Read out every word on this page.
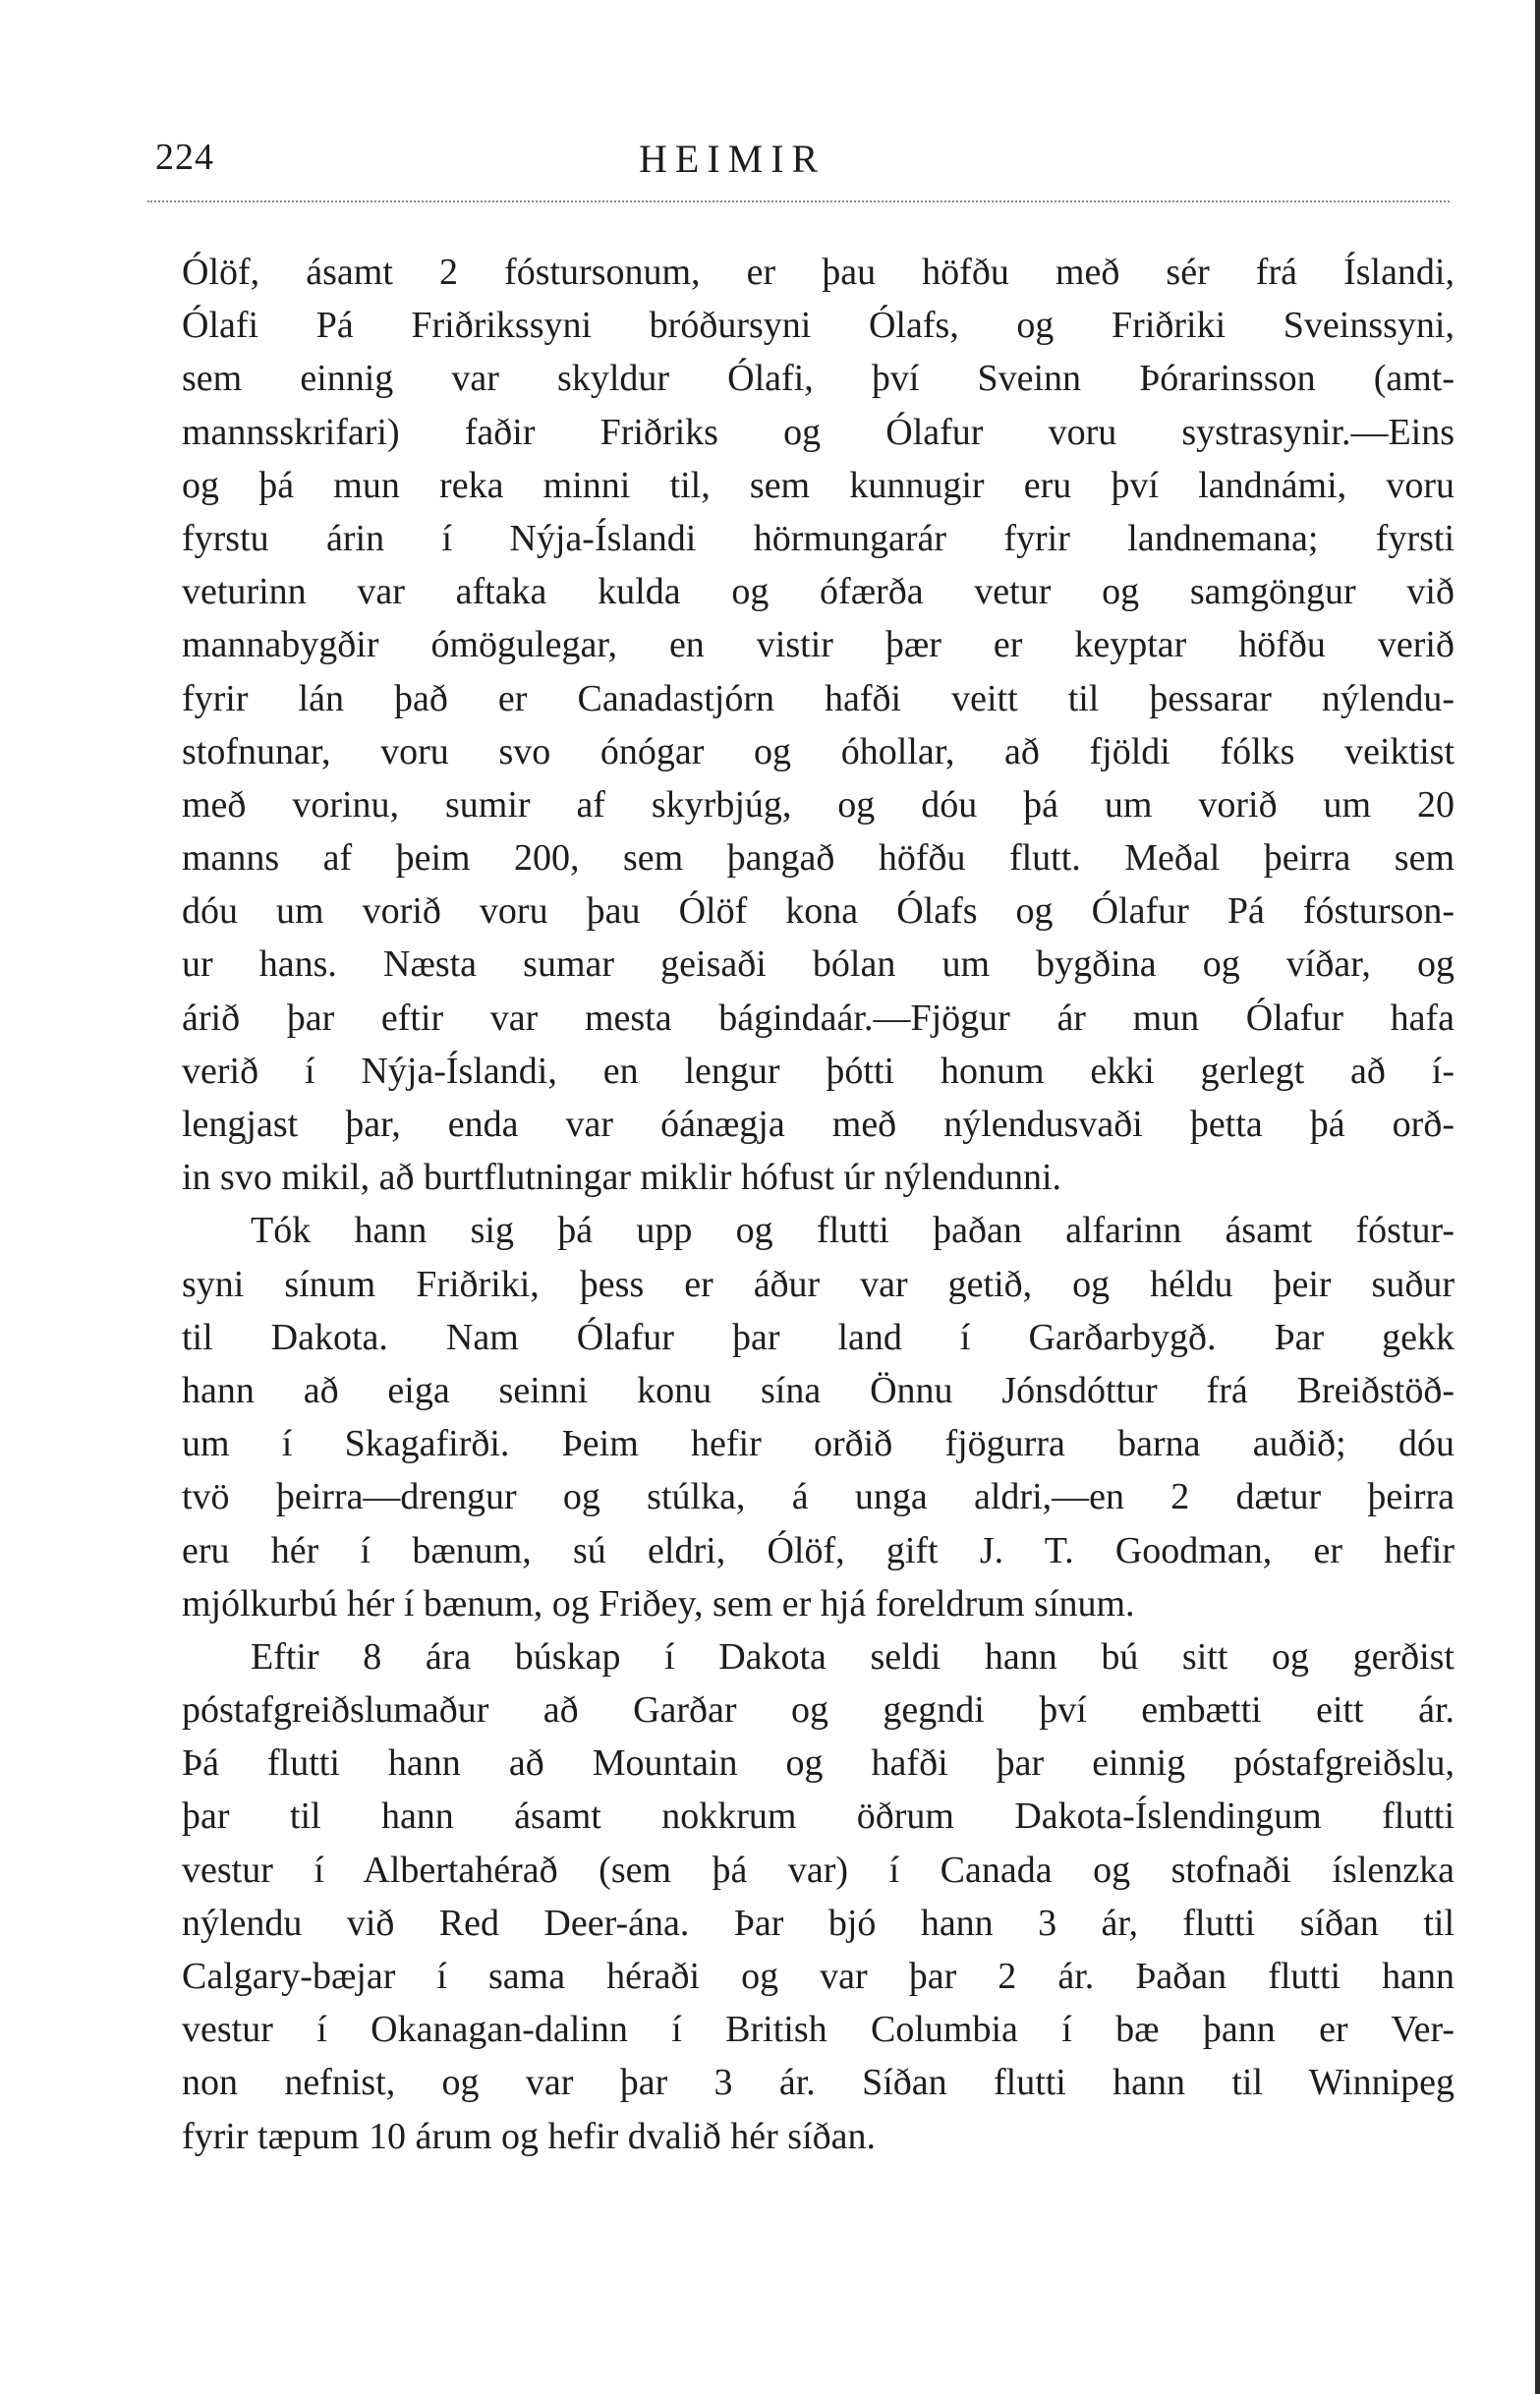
224	HEIMIR
Ólöf, ásamt 2 fóstursonum, er þau höfðu með sér frá Íslandi,
Ólafi Pá Friðrikssyni bróðursyni Ólafs, og Friðriki Sveinssyni,
sem einnig var skyldur Ólafi, því Sveinn Þórarinsson (amt-
mannsskrifari) faðir Friðriks og Ólafur voru systrasynir.—Eins
og þá mun reka minni til, sem kunnugir eru því landnámi, voru
fyrstu árin í Nýja-Íslandi hörmungarár fyrir landnemana; fyrsti
veturinn var aftaka kulda og ófærða vetur og samgöngur við
mannabygðir ómögulegar, en vistir þær er keyptar höfðu verið
fyrir lán það er Canadastjórn hafði veitt til þessarar nýlendu-
stofnunar, voru svo ónógar og óhollar, að fjöldi fólks veiktist
með vorinu, sumir af skyrbjúg, og dóu þá um vorið um 20
manns af þeim 200, sem þangað höfðu flutt. Meðal þeirra sem
dóu um vorið voru þau Ólöf kona Ólafs og Ólafur Pá fósturson-
ur hans. Næsta sumar geisaði bólan um bygðina og víðar, og
árið þar eftir var mesta bágindaár.—Fjögur ár mun Ólafur hafa
verið í Nýja-Íslandi, en lengur þótti honum ekki gerlegt að í-
lengjast þar, enda var óánægja með nýlendusvaði þetta þá orð-
in svo mikil, að burtflutningar miklir hófust úr nýlendunni.
Tók hann sig þá upp og flutti þaðan alfarinn ásamt fóstur-
syni sínum Friðriki, þess er áður var getið, og héldu þeir suður
til Dakota. Nam Ólafur þar land í Garðarbygð. Þar gekk
hann að eiga seinni konu sína Önnu Jónsdóttur frá Breiðstöð-
um í Skagafirði. Þeim hefir orðið fjögurra barna auðið; dóu
tvö þeirra—drengur og stúlka, á unga aldri,—en 2 dætur þeirra
eru hér í bænum, sú eldri, Ólöf, gift J. T. Goodman, er hefir
mjólkurbú hér í bænum, og Friðey, sem er hjá foreldrum sínum.
Eftir 8 ára búskap í Dakota seldi hann bú sitt og gerðist
póstafgreiðslumaður að Garðar og gegndi því embætti eitt ár.
Þá flutti hann að Mountain og hafði þar einnig póstafgreiðslu,
þar til hann ásamt nokkrum öðrum Dakota-Íslendingum flutti
vestur í Albertahérað (sem þá var) í Canada og stofnaði íslenzka
nýlendu við Red Deer-ána. Þar bjó hann 3 ár, flutti síðan til
Calgary-bæjar í sama héraði og var þar 2 ár. Þaðan flutti hann
vestur í Okanagan-dalinn í British Columbia í bæ þann er Ver-
non nefnist, og var þar 3 ár. Síðan flutti hann til Winnipeg
fyrir tæpum 10 árum og hefir dvalið hér síðan.
